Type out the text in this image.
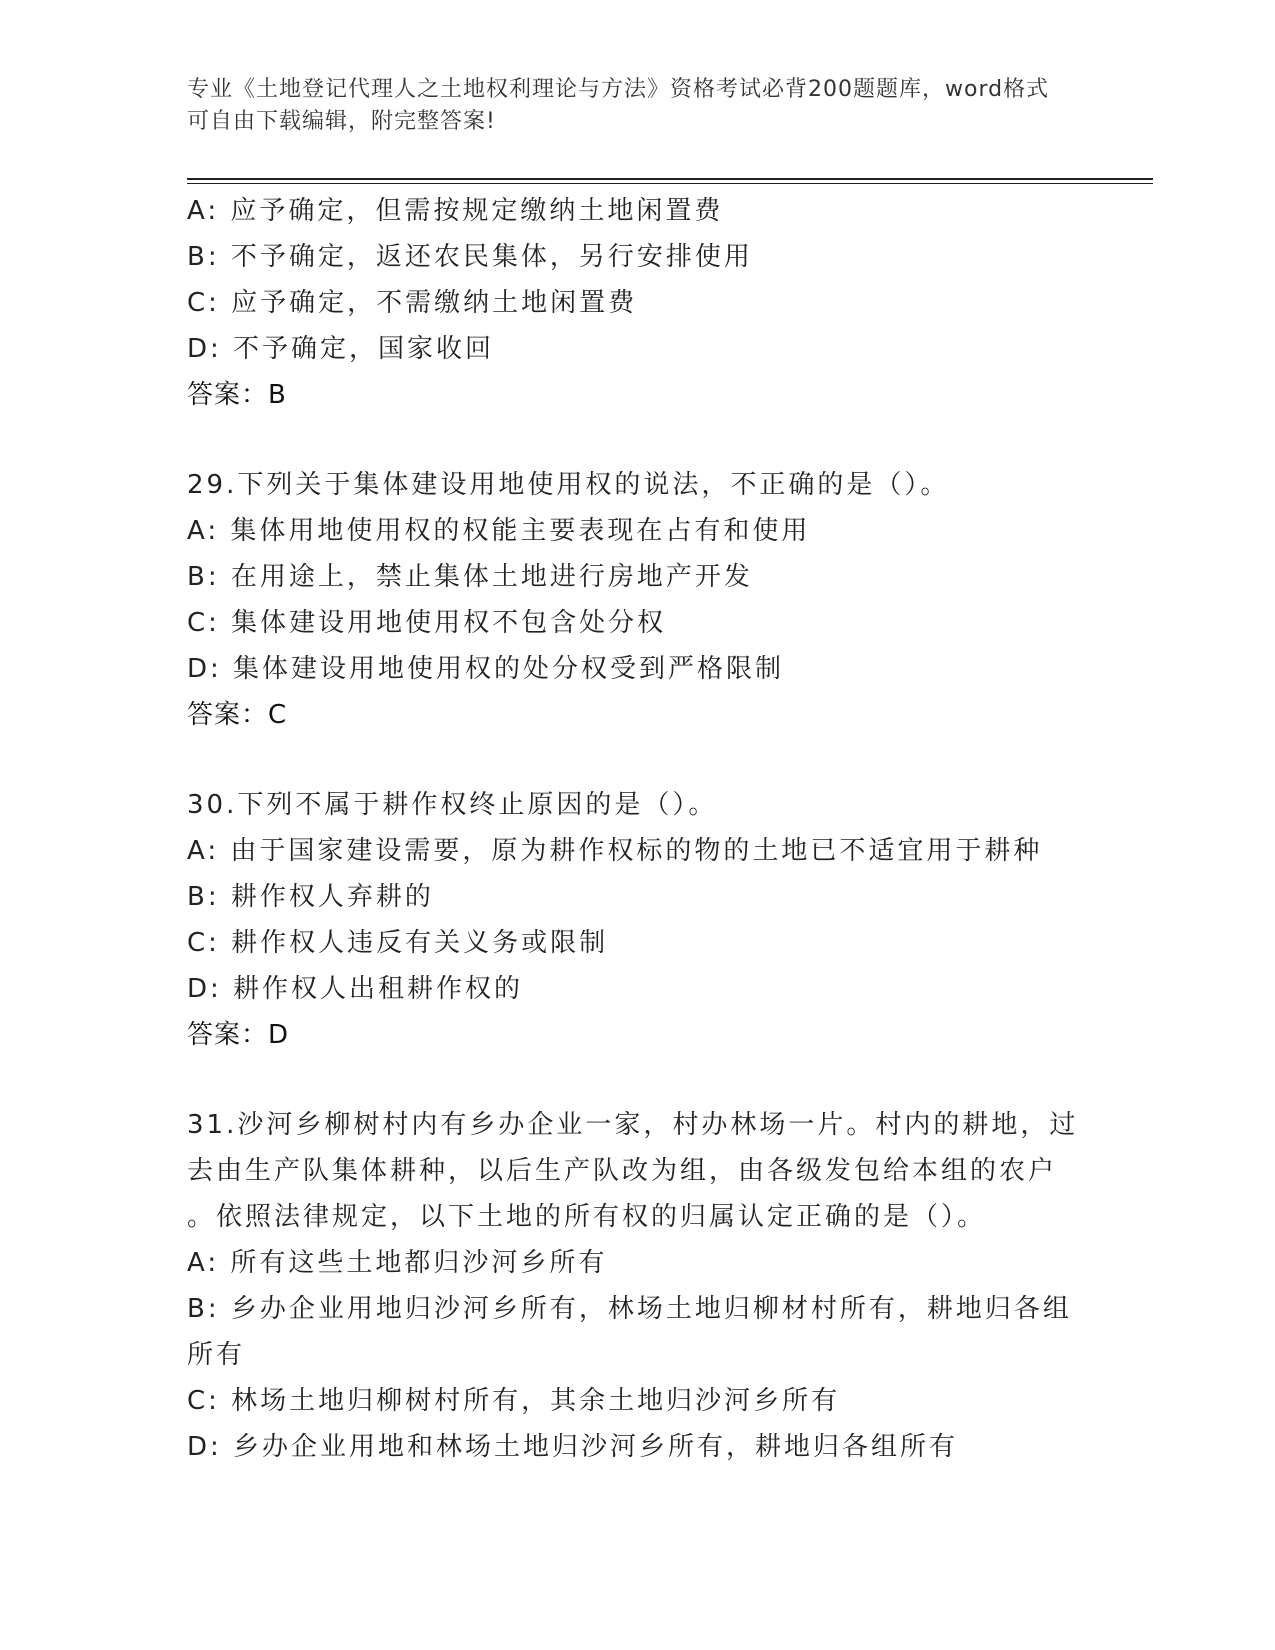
专业《土地登记代理人之土地权利理论与方法》资格考试必背200题题库，word格式可自由下载编辑，附完整答案!
A: 应予确定，但需按规定缴纳土地闲置费
B: 不予确定，返还农民集体，另行安排使用
C: 应予确定，不需缴纳土地闲置费
D: 不予确定，国家收回
答案：B
29.下列关于集体建设用地使用权的说法，不正确的是（）。
A: 集体用地使用权的权能主要表现在占有和使用
B: 在用途上，禁止集体土地进行房地产开发
C: 集体建设用地使用权不包含处分权
D: 集体建设用地使用权的处分权受到严格限制
答案：C
30.下列不属于耕作权终止原因的是（）。
A: 由于国家建设需要，原为耕作权标的物的土地已不适宜用于耕种
B: 耕作权人弃耕的
C: 耕作权人违反有关义务或限制
D: 耕作权人出租耕作权的
答案：D
31.沙河乡柳树村内有乡办企业一家，村办林场一片。村内的耕地，过
去由生产队集体耕种，以后生产队改为组，由各级发包给本组的农户
。依照法律规定，以下土地的所有权的归属认定正确的是（）。
A: 所有这些土地都归沙河乡所有
B: 乡办企业用地归沙河乡所有，林场土地归柳材村所有，耕地归各组
所有
C: 林场土地归柳树村所有，其余土地归沙河乡所有
D: 乡办企业用地和林场土地归沙河乡所有，耕地归各组所有
